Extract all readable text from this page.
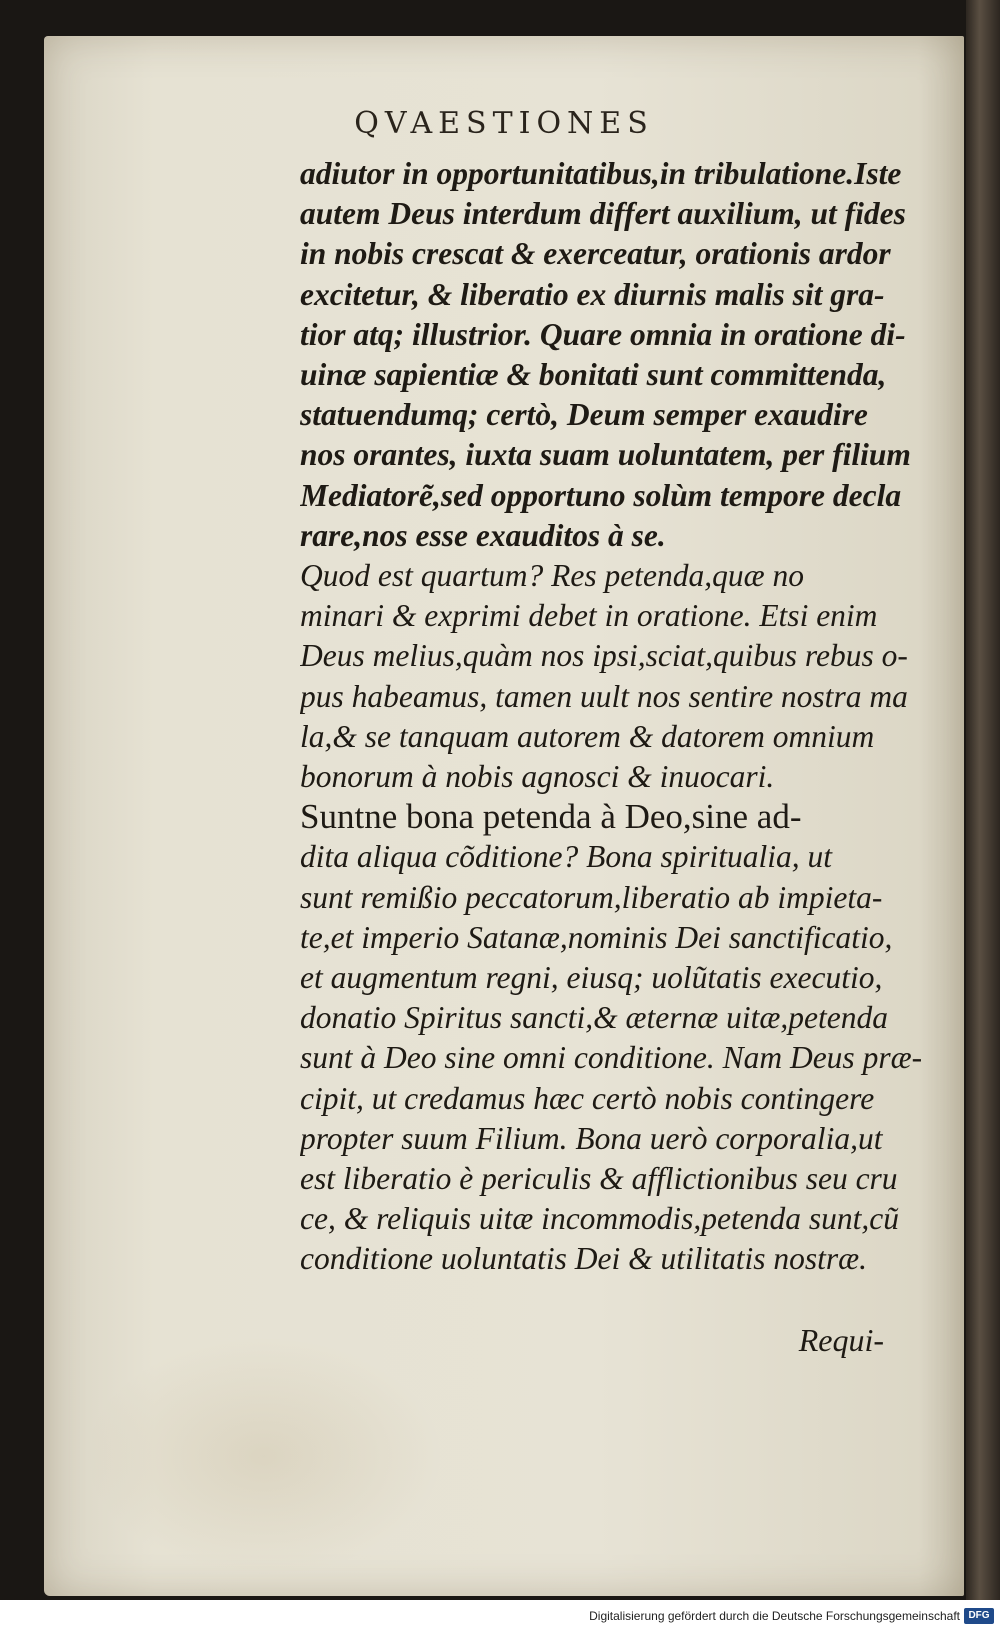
QVAESTIONES
adiutor in opportunitatibus,in tribulatione.Iste
autem Deus interdum differt auxilium, ut fides
in nobis crescat & exerceatur, orationis ardor
excitetur, & liberatio ex diurnis malis sit gra-
tior atq; illustrior. Quare omnia in oratione di-
uinæ sapientiæ & bonitati sunt committenda,
statuendumq; certò, Deum semper exaudire
nos orantes, iuxta suam uoluntatem, per filium
Mediatorẽ,sed opportuno solùm tempore decla
rare,nos esse exauditos à se.
Quod est quartum? Res petenda,quæ no
minari & exprimi debet in oratione. Etsi enim
Deus melius,quàm nos ipsi,sciat,quibus rebus o-
pus habeamus, tamen uult nos sentire nostra ma
la,& se tanquam autorem & datorem omnium
bonorum à nobis agnosci & inuocari.
Suntne bona petenda à Deo,sine ad-
dita aliqua cõditione? Bona spiritualia, ut
sunt remißio peccatorum,liberatio ab impieta-
te,et imperio Satanæ,nominis Dei sanctificatio,
et augmentum regni, eiusq; uolũtatis executio,
donatio Spiritus sancti,& æternæ uitæ,petenda
sunt à Deo sine omni conditione. Nam Deus præ-
cipit, ut credamus hæc certò nobis contingere
propter suum Filium. Bona uerò corporalia,ut
est liberatio è periculis & afflictionibus seu cru
ce, & reliquis uitæ incommodis,petenda sunt,cũ
conditione uoluntatis Dei & utilitatis nostræ.
Requi-
Digitalisierung gefördert durch die Deutsche Forschungsgemeinschaft DFG
